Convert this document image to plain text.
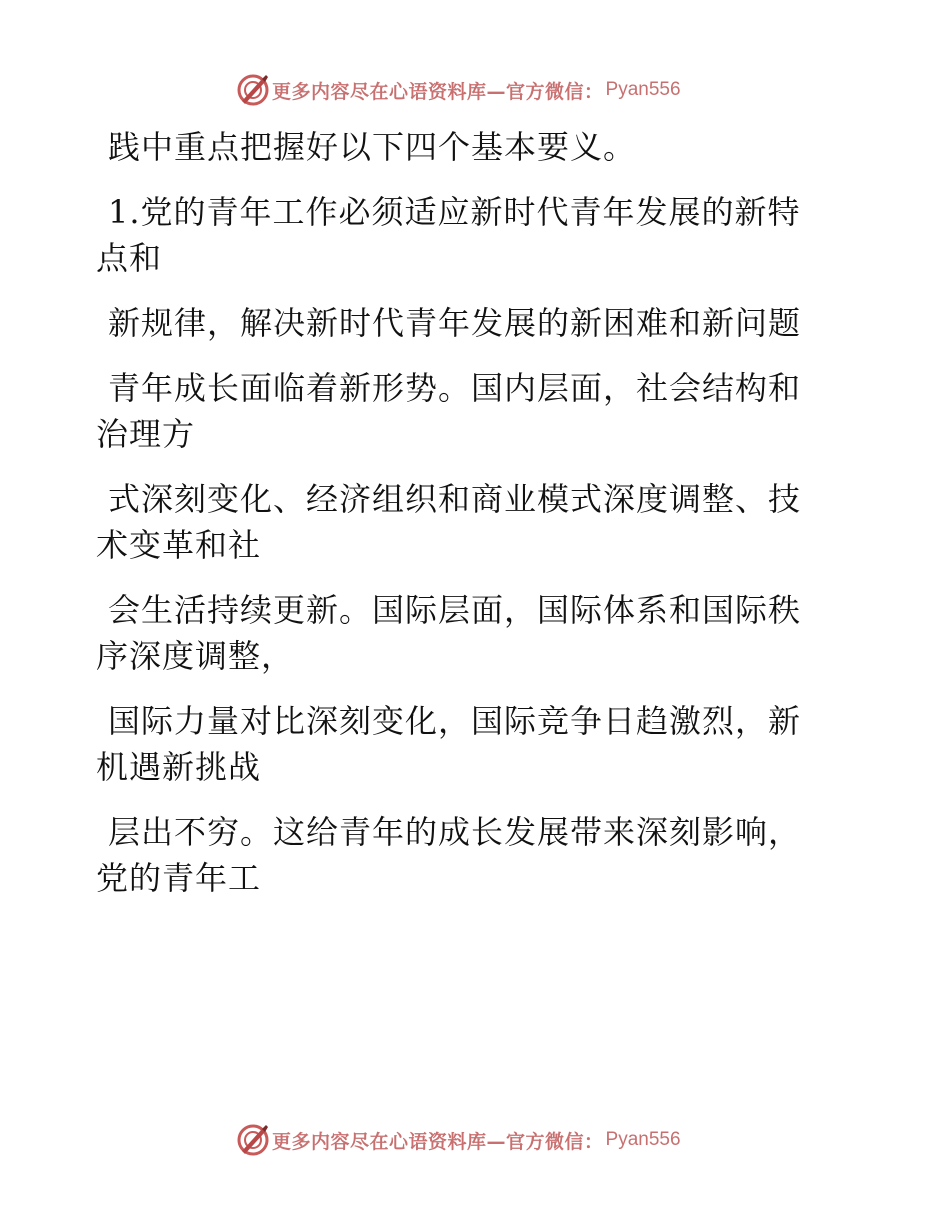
更多内容尽在心语资料库—官方微信： Pyan556
践中重点把握好以下四个基本要义。
1.党的青年工作必须适应新时代青年发展的新特
点和
新规律，解决新时代青年发展的新困难和新问题
青年成长面临着新形势。国内层面，社会结构和
治理方
式深刻变化、经济组织和商业模式深度调整、技
术变革和社
会生活持续更新。国际层面，国际体系和国际秩
序深度调整，
国际力量对比深刻变化，国际竞争日趋激烈，新
机遇新挑战
层出不穷。这给青年的成长发展带来深刻影响，
党的青年工
更多内容尽在心语资料库—官方微信： Pyan556
